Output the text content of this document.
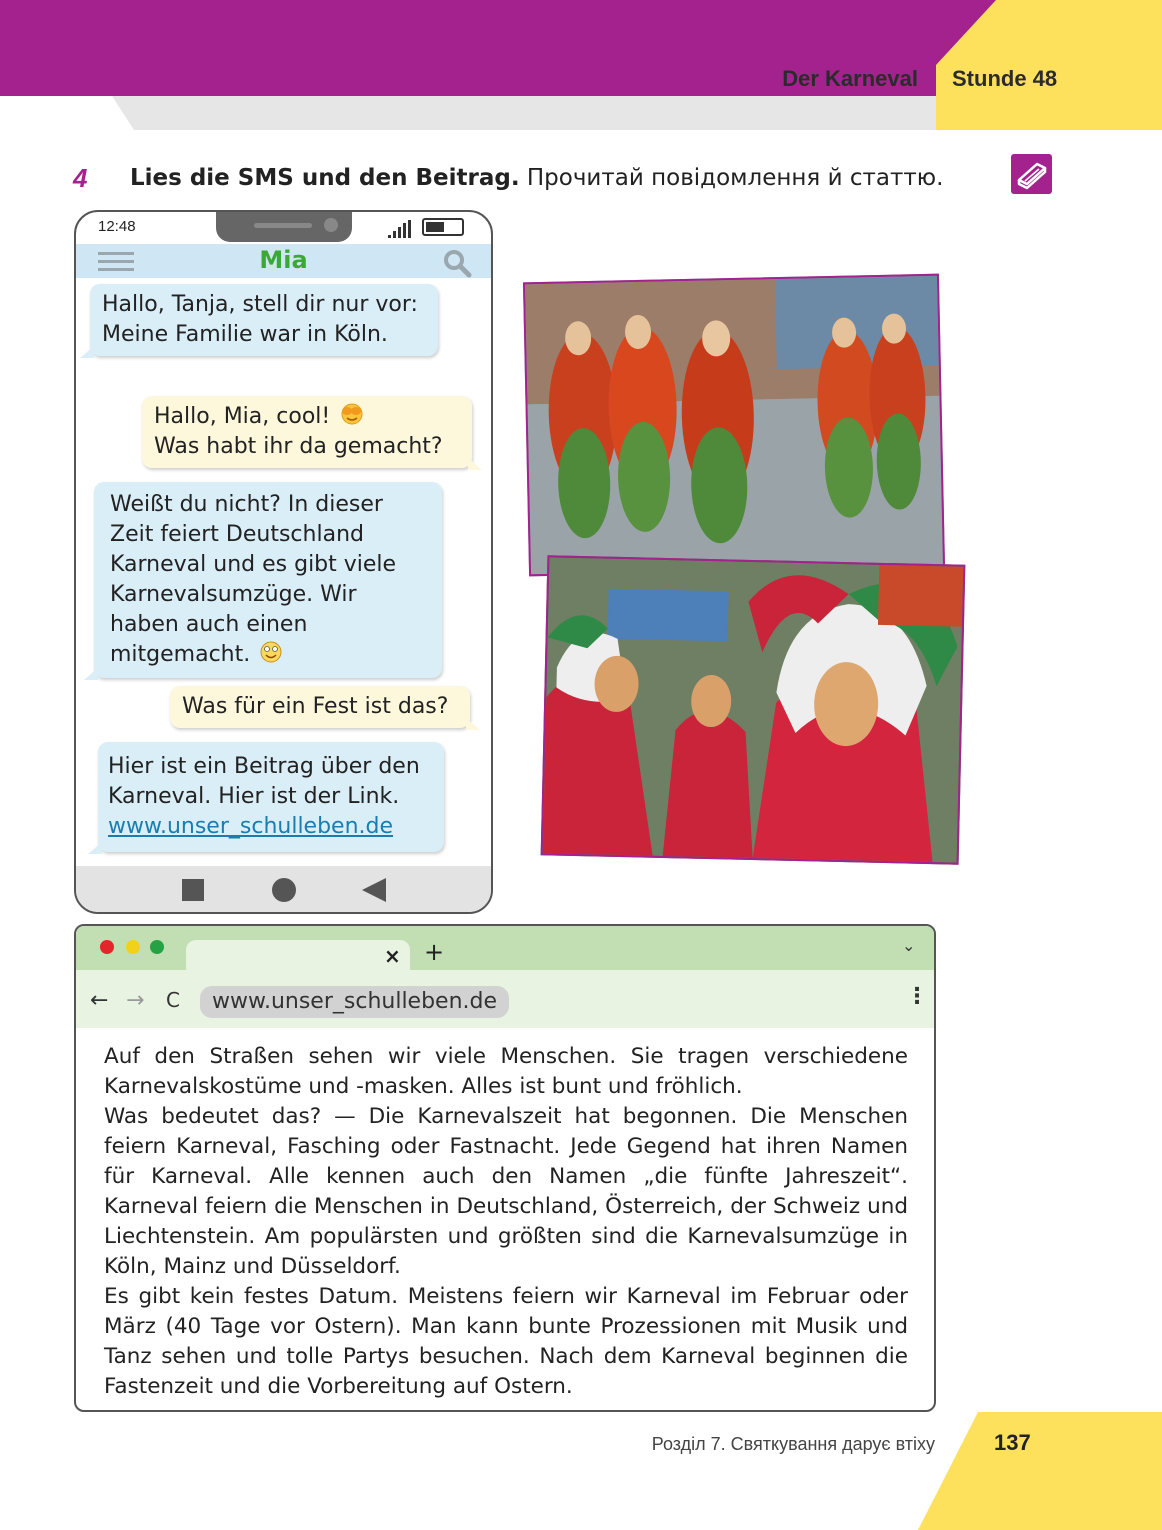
Der Karneval Stunde 48
4 Lies die SMS und den Beitrag. Прочитай повідомлення й статтю.
12:48
Mia
Hallo, Tanja, stell dir nur vor: Meine Familie war in Köln.
Hallo, Mia, cool!
Was habt ihr da gemacht?
Weißt du nicht? In dieser Zeit feiert Deutschland Karneval und es gibt viele Karnevalsumzüge. Wir haben auch einen mitgemacht.
Was für ein Fest ist das?
Hier ist ein Beitrag über den Karneval. Hier ist der Link.
www.unser_schulleben.de
× +	⌄
← → C	www.unser_schulleben.de	⋮

Auf den Straßen sehen wir viele Menschen. Sie tragen verschiedene Karnevalskostüme und -masken. Alles ist bunt und fröhlich.

Was bedeutet das? — Die Karnevalszeit hat begonnen. Die Menschen feiern Karneval, Fasching oder Fastnacht. Jede Gegend hat ihren Namen für Karneval. Alle kennen auch den Namen „die fünfte Jahreszeit“. Karneval feiern die Menschen in Deutschland, Österreich, der Schweiz und Liechtenstein. Am populärsten und größten sind die Karnevalsumzüge in Köln, Mainz und Düsseldorf.

Es gibt kein festes Datum. Meistens feiern wir Karneval im Februar oder März (40 Tage vor Ostern). Man kann bunte Prozessionen mit Musik und Tanz sehen und tolle Partys besuchen. Nach dem Karneval beginnen die Fastenzeit und die Vorbereitung auf Ostern.

Розділ 7. Святкування дарує втіху	137
